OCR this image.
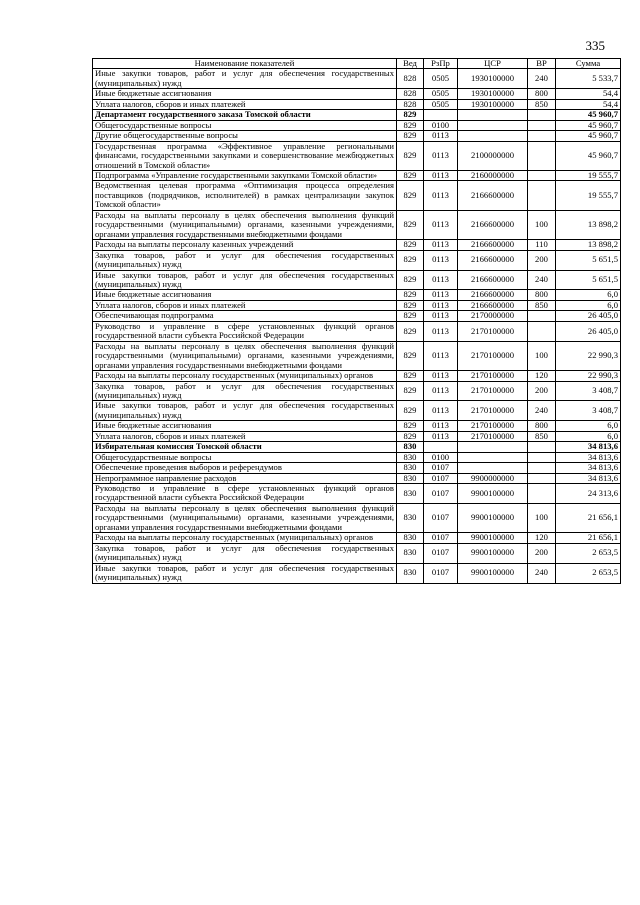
335
Наименование показателей	Вед	РзПр	ЦСР	ВР	Сумма
Иные закупки товаров, работ и услуг для обеспечения государственных (муниципальных) нужд	828	0505	1930100000	240	5 533,7
Иные бюджетные ассигнования	828	0505	1930100000	800	54,4
Уплата налогов, сборов и иных платежей	828	0505	1930100000	850	54,4
Департамент государственного заказа Томской области	829				45 960,7
Общегосударственные вопросы	829	0100			45 960,7
Другие общегосударственные вопросы	829	0113			45 960,7
Государственная программа «Эффективное управление региональными финансами, государственными закупками и совершенствование межбюджетных отношений в Томской области»	829	0113	2100000000		45 960,7
Подпрограмма «Управление государственными закупками Томской области»	829	0113	2160000000		19 555,7
Ведомственная целевая программа «Оптимизация процесса определения поставщиков (подрядчиков, исполнителей) в рамках централизации закупок Томской области»	829	0113	2166600000		19 555,7
Расходы на выплаты персоналу в целях обеспечения выполнения функций государственными (муниципальными) органами, казенными учреждениями, органами управления государственными внебюджетными фондами	829	0113	2166600000	100	13 898,2
Расходы на выплаты персоналу казенных учреждений	829	0113	2166600000	110	13 898,2
Закупка товаров, работ и услуг для обеспечения государственных (муниципальных) нужд	829	0113	2166600000	200	5 651,5
Иные закупки товаров, работ и услуг для обеспечения государственных (муниципальных) нужд	829	0113	2166600000	240	5 651,5
Иные бюджетные ассигнования	829	0113	2166600000	800	6,0
Уплата налогов, сборов и иных платежей	829	0113	2166600000	850	6,0
Обеспечивающая подпрограмма	829	0113	2170000000		26 405,0
Руководство и управление в сфере установленных функций органов государственной власти субъекта Российской Федерации	829	0113	2170100000		26 405,0
Расходы на выплаты персоналу в целях обеспечения выполнения функций государственными (муниципальными) органами, казенными учреждениями, органами управления государственными внебюджетными фондами	829	0113	2170100000	100	22 990,3
Расходы на выплаты персоналу государственных (муниципальных) органов	829	0113	2170100000	120	22 990,3
Закупка товаров, работ и услуг для обеспечения государственных (муниципальных) нужд	829	0113	2170100000	200	3 408,7
Иные закупки товаров, работ и услуг для обеспечения государственных (муниципальных) нужд	829	0113	2170100000	240	3 408,7
Иные бюджетные ассигнования	829	0113	2170100000	800	6,0
Уплата налогов, сборов и иных платежей	829	0113	2170100000	850	6,0
Избирательная комиссия Томской области	830				34 813,6
Общегосударственные вопросы	830	0100			34 813,6
Обеспечение проведения выборов и референдумов	830	0107			34 813,6
Непрограммное направление расходов	830	0107	9900000000		34 813,6
Руководство и управление в сфере установленных функций органов государственной власти субъекта Российской Федерации	830	0107	9900100000		24 313,6
Расходы на выплаты персоналу в целях обеспечения выполнения функций государственными (муниципальными) органами, казенными учреждениями, органами управления государственными внебюджетными фондами	830	0107	9900100000	100	21 656,1
Расходы на выплаты персоналу государственных (муниципальных) органов	830	0107	9900100000	120	21 656,1
Закупка товаров, работ и услуг для обеспечения государственных (муниципальных) нужд	830	0107	9900100000	200	2 653,5
Иные закупки товаров, работ и услуг для обеспечения государственных (муниципальных) нужд	830	0107	9900100000	240	2 653,5
